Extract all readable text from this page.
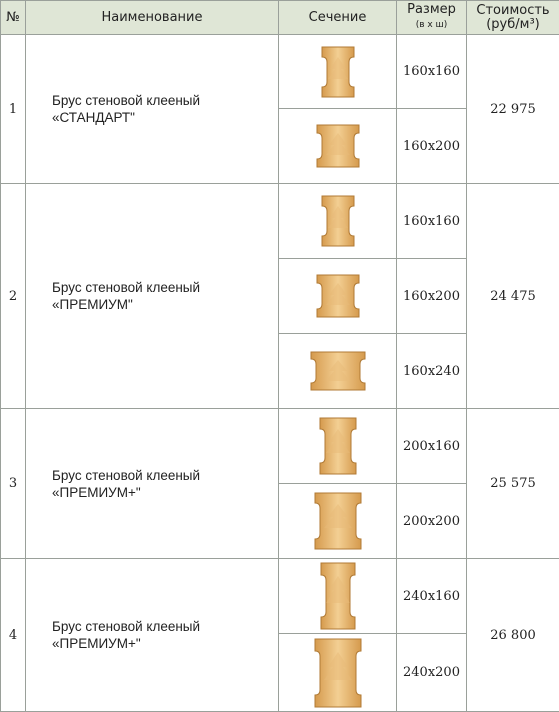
№	Наименование	Сечение	Размер
(в х ш)	Стоимость
(руб/м³)
1	Брус стеновой клееный
«СТАНДАРТ"		160х160	22 975

	160х200	
2	Брус стеновой клееный
«ПРЕМИУМ"		160х160	24 475

	160х200	

	160х240	
3	Брус стеновой клееный
«ПРЕМИУМ+"		200х160	25 575

	200х200	
4	Брус стеновой клееный
«ПРЕМИУМ+"		240х160	26 800

	240х200	
